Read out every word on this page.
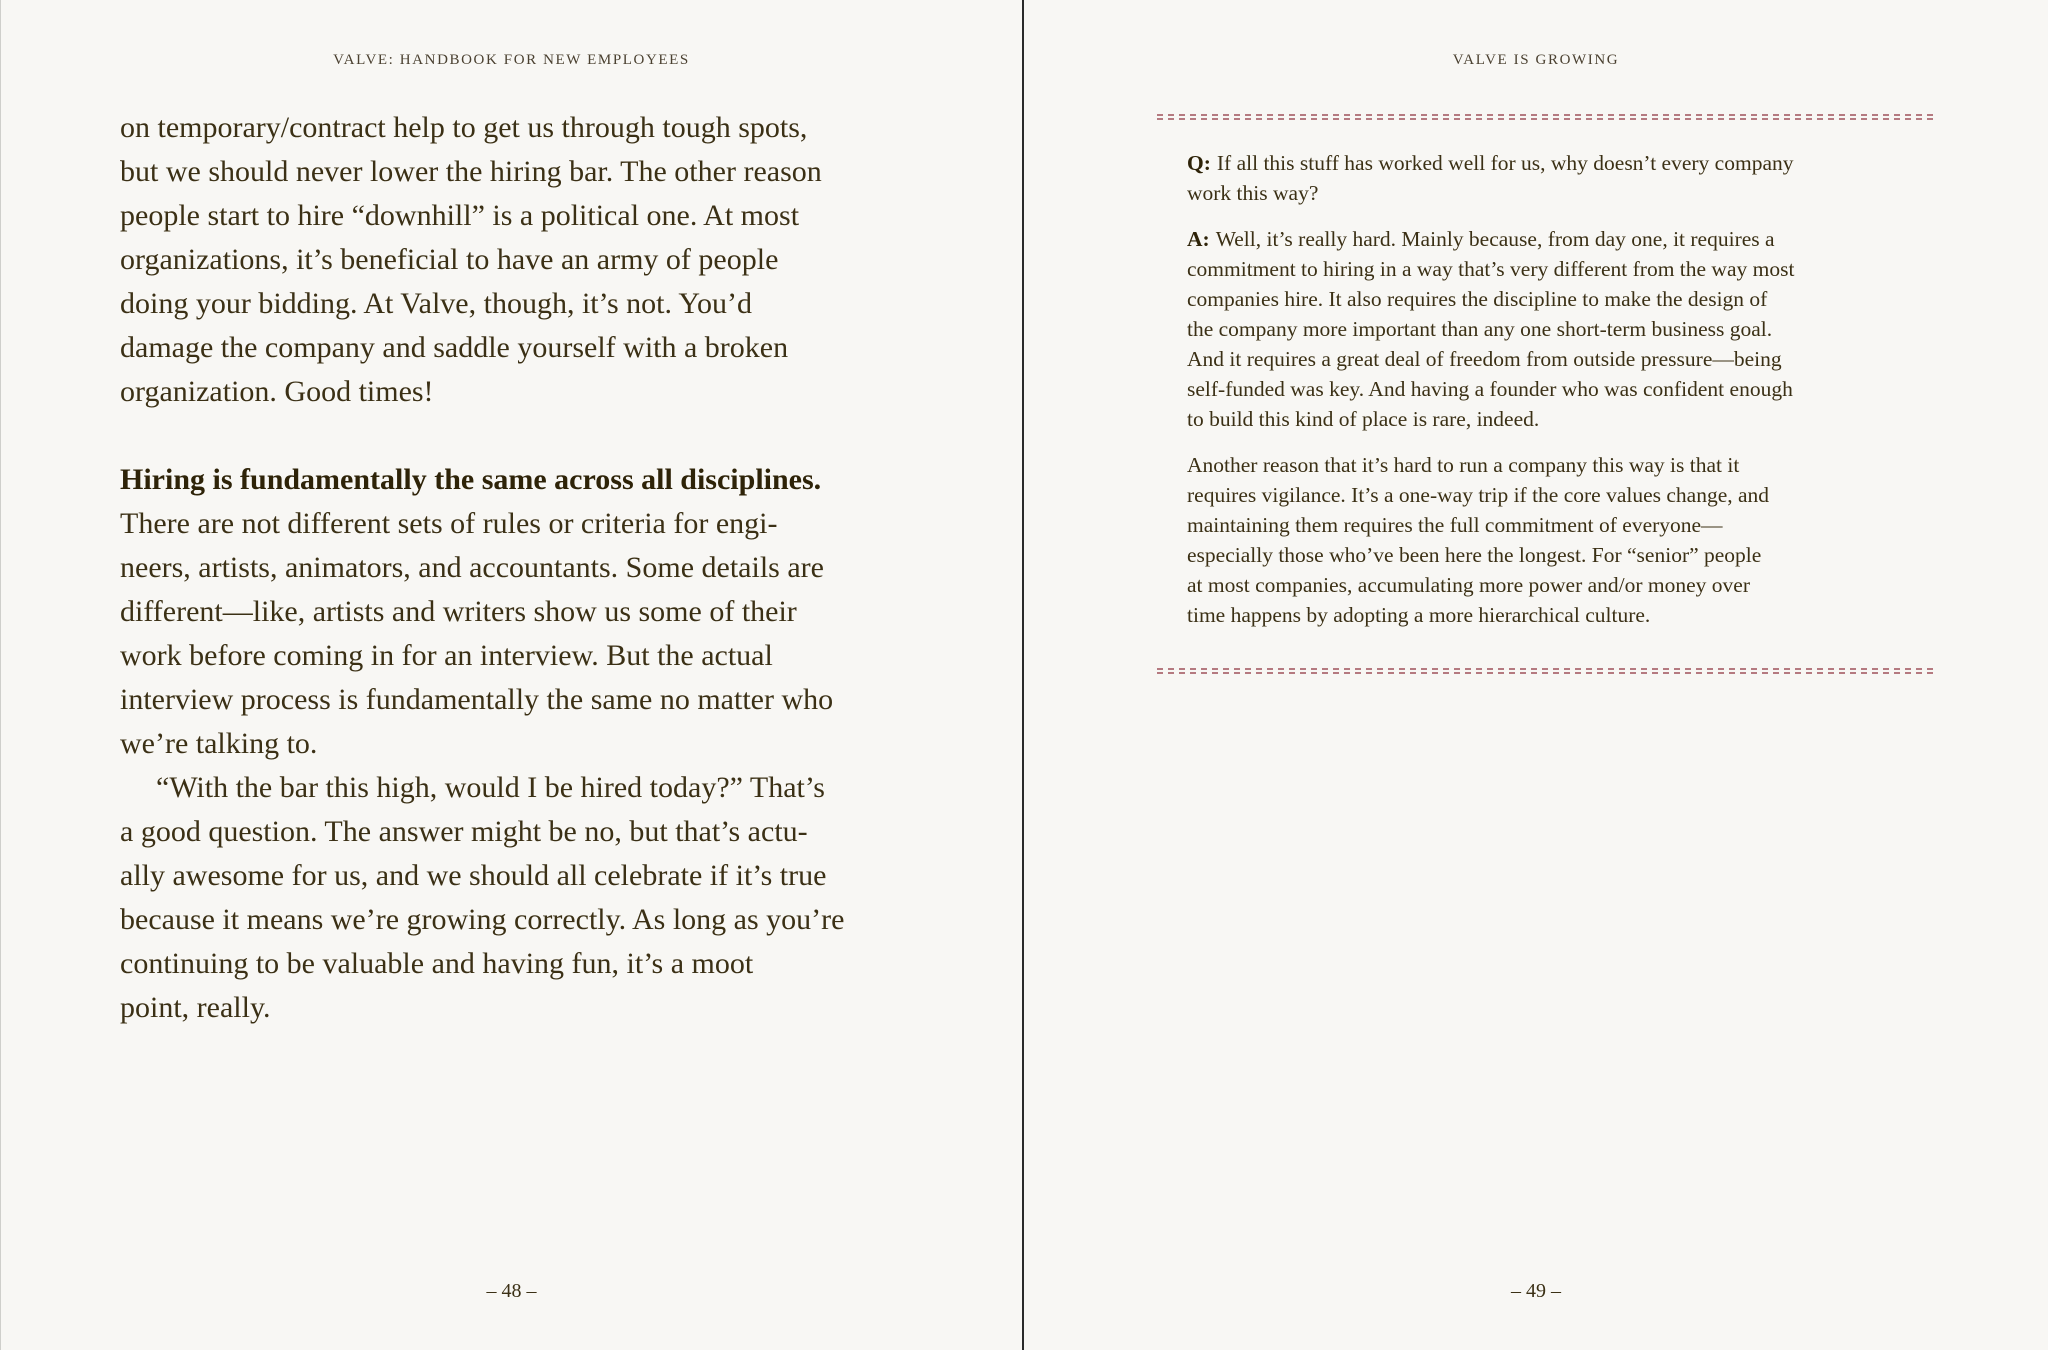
VALVE: HANDBOOK FOR NEW EMPLOYEES

on temporary/contract help to get us through tough spots,

but we should never lower the hiring bar. The other reason

people start to hire “downhill” is a political one. At most

organizations, it’s beneficial to have an army of people

doing your bidding. At Valve, though, it’s not. You’d

damage the company and saddle yourself with a broken

organization. Good times!

Hiring is fundamentally the same across all disciplines.

There are not different sets of rules or criteria for engi-

neers, artists, animators, and accountants. Some details are

different—like, artists and writers show us some of their

work before coming in for an interview. But the actual

interview process is fundamentally the same no matter who

we’re talking to.

“With the bar this high, would I be hired today?” That’s

a good question. The answer might be no, but that’s actu-

ally awesome for us, and we should all celebrate if it’s true

because it means we’re growing correctly. As long as you’re

continuing to be valuable and having fun, it’s a moot

point, really.

– 48 –
VALVE IS GROWING
– 49 –

Q: If all this stuff has worked well for us, why doesn’t every company
work this way?

A: Well, it’s really hard. Mainly because, from day one, it requires a
commitment to hiring in a way that’s very different from the way most
companies hire. It also requires the discipline to make the design of
the company more important than any one short-term business goal.
And it requires a great deal of freedom from outside pressure—being
self-funded was key. And having a founder who was confident enough
to build this kind of place is rare, indeed.

Another reason that it’s hard to run a company this way is that it
requires vigilance. It’s a one-way trip if the core values change, and
maintaining them requires the full commitment of everyone—
especially those who’ve been here the longest. For “senior” people
at most companies, accumulating more power and/or money over
time happens by adopting a more hierarchical culture.
